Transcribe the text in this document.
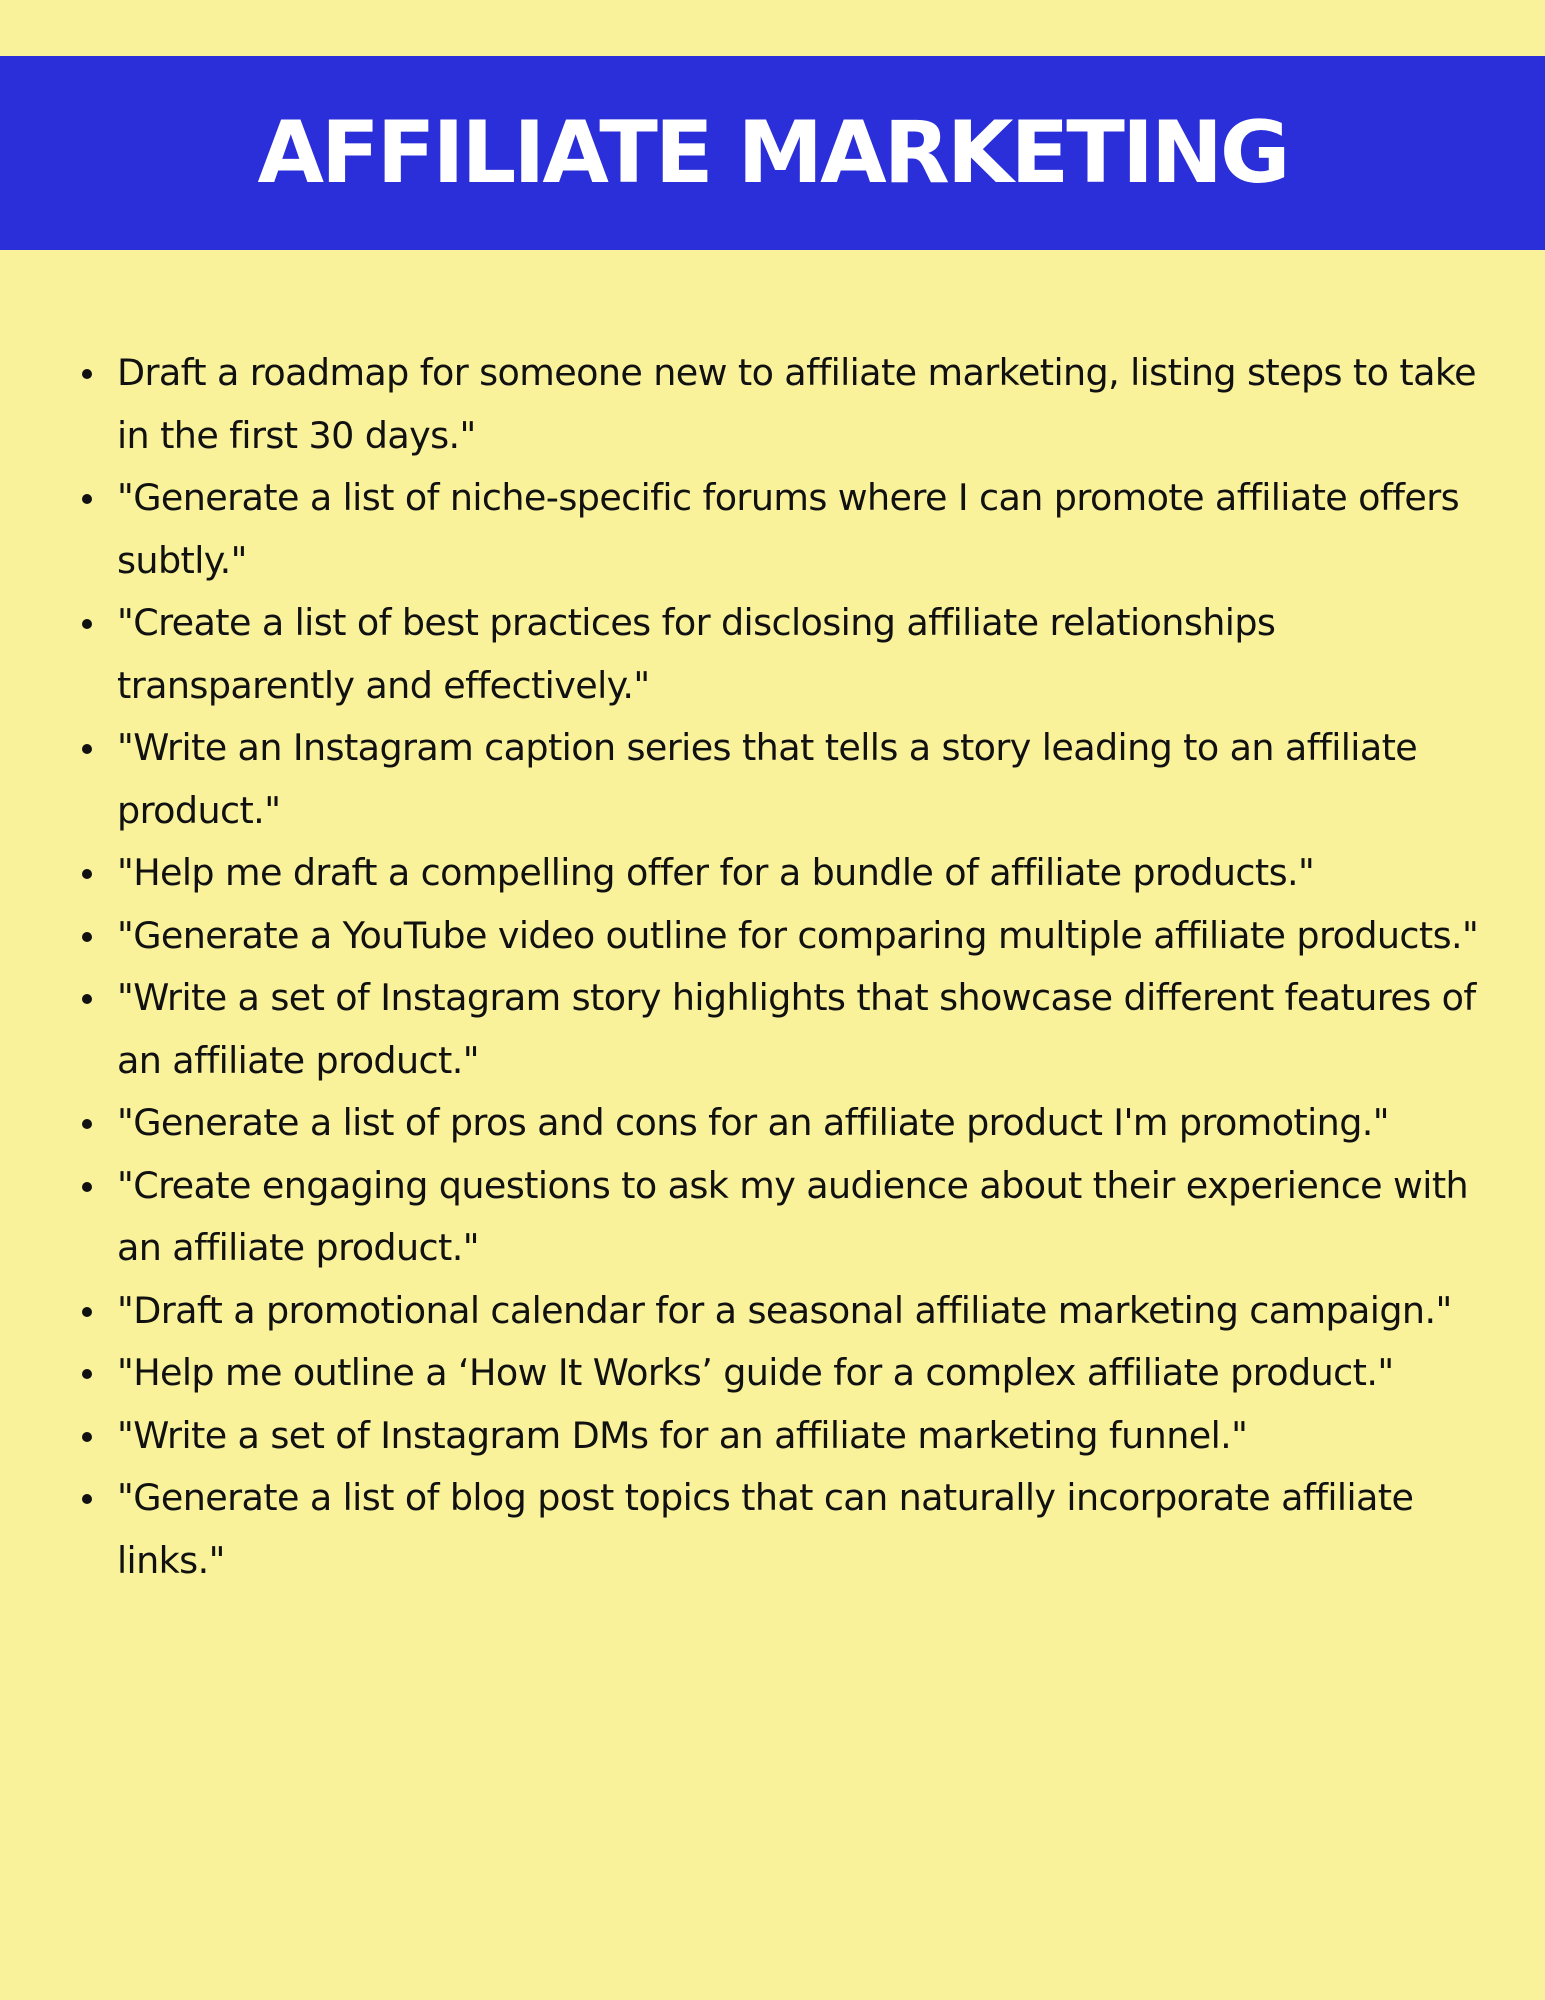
AFFILIATE MARKETING
Draft a roadmap for someone new to affiliate marketing, listing steps to take in the first 30 days."
"Generate a list of niche-specific forums where I can promote affiliate offers subtly."
"Create a list of best practices for disclosing affiliate relationships transparently and effectively."
"Write an Instagram caption series that tells a story leading to an affiliate product."
"Help me draft a compelling offer for a bundle of affiliate products."
"Generate a YouTube video outline for comparing multiple affiliate products."
"Write a set of Instagram story highlights that showcase different features of an affiliate product."
"Generate a list of pros and cons for an affiliate product I'm promoting."
"Create engaging questions to ask my audience about their experience with an affiliate product."
"Draft a promotional calendar for a seasonal affiliate marketing campaign."
"Help me outline a ‘How It Works’ guide for a complex affiliate product."
"Write a set of Instagram DMs for an affiliate marketing funnel."
"Generate a list of blog post topics that can naturally incorporate affiliate links."
